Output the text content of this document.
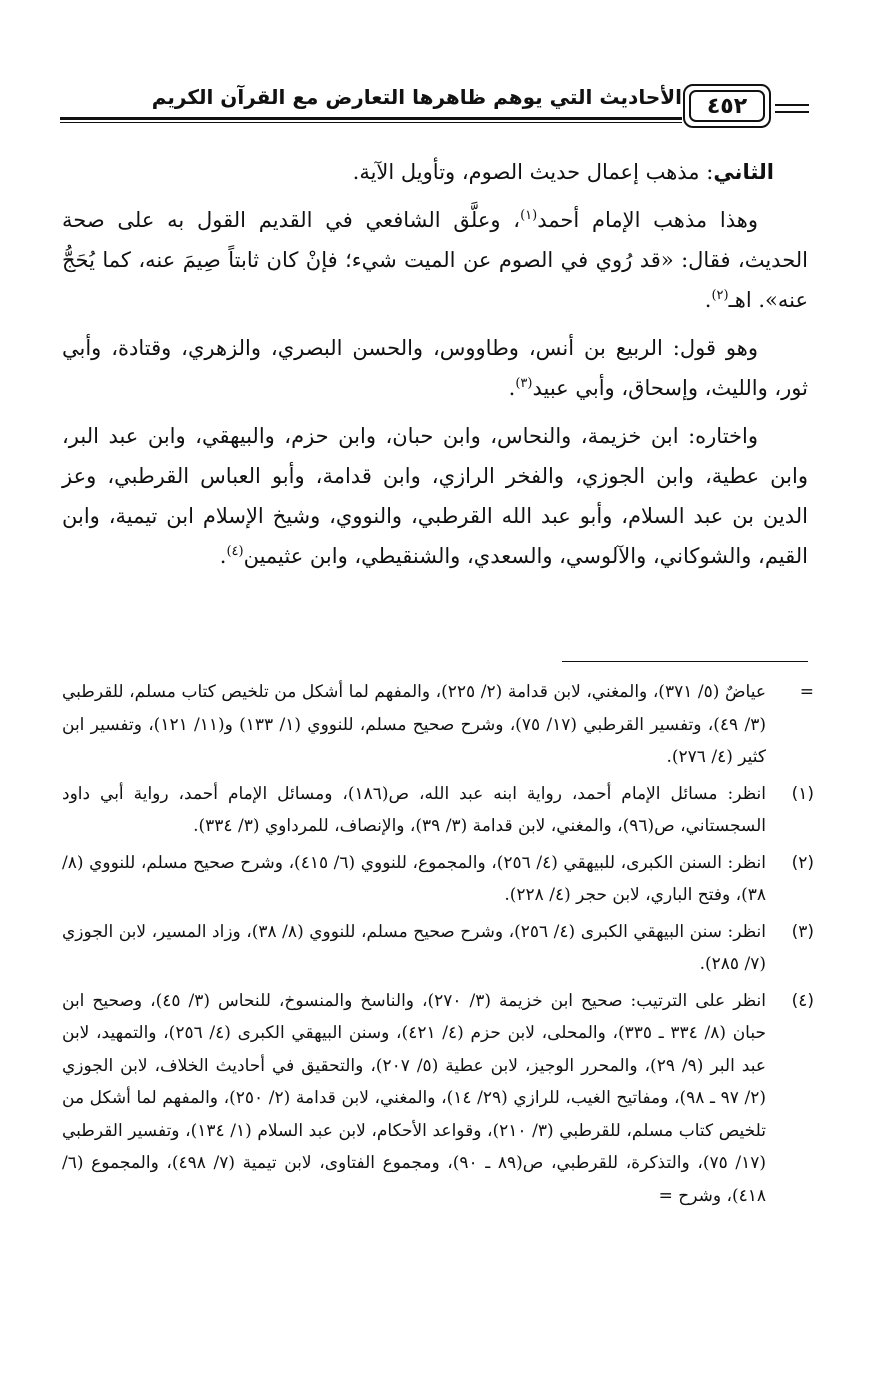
الأحاديث التي يوهم ظاهرها التعارض مع القرآن الكريم	٤٥٢

الثاني: مذهب إعمال حديث الصوم، وتأويل الآية.

وهذا مذهب الإمام أحمد$^{(١)}$، وعلَّق الشافعي في القديم القول به على صحة الحديث، فقال: «قد رُوي في الصوم عن الميت شيء؛ فإنْ كان ثابتاً صِيمَ عنه، كما يُحَجُّ عنه». اهـ$^{(٢)}$.

وهو قول: الربيع بن أنس، وطاووس، والحسن البصري، والزهري، وقتادة، وأبي ثور، والليث، وإسحاق، وأبي عبيد$^{(٣)}$.

واختاره: ابن خزيمة، والنحاس، وابن حبان، وابن حزم، والبيهقي، وابن عبد البر، وابن عطية، وابن الجوزي، والفخر الرازي، وابن قدامة، وأبو العباس القرطبي، وعز الدين بن عبد السلام، وأبو عبد الله القرطبي، والنووي، وشيخ الإسلام ابن تيمية، وابن القيم، والشوكاني، والآلوسي، والسعدي، والشنقيطي، وابن عثيمين$^{(٤)}$.

=
عياضٌ (٥/ ٣٧١)، والمغني، لابن قدامة (٢/ ٢٢٥)، والمفهم لما أشكل من تلخيص كتاب مسلم، للقرطبي (٣/ ٤٩)، وتفسير القرطبي (١٧/ ٧٥)، وشرح صحيح مسلم، للنووي (١/ ١٣٣) و(١١/ ١٢١)، وتفسير ابن كثير (٤/ ٢٧٦).
(١)
انظر: مسائل الإمام أحمد، رواية ابنه عبد الله، ص(١٨٦)، ومسائل الإمام أحمد، رواية أبي داود السجستاني، ص(٩٦)، والمغني، لابن قدامة (٣/ ٣٩)، والإنصاف، للمرداوي (٣/ ٣٣٤).
(٢)
انظر: السنن الكبرى، للبيهقي (٤/ ٢٥٦)، والمجموع، للنووي (٦/ ٤١٥)، وشرح صحيح مسلم، للنووي (٨/ ٣٨)، وفتح الباري، لابن حجر (٤/ ٢٢٨).
(٣)
انظر: سنن البيهقي الكبرى (٤/ ٢٥٦)، وشرح صحيح مسلم، للنووي (٨/ ٣٨)، وزاد المسير، لابن الجوزي (٧/ ٢٨٥).
(٤)
انظر على الترتيب: صحيح ابن خزيمة (٣/ ٢٧٠)، والناسخ والمنسوخ، للنحاس (٣/ ٤٥)، وصحيح ابن حبان (٨/ ٣٣٤ ـ ٣٣٥)، والمحلى، لابن حزم (٤/ ٤٢١)، وسنن البيهقي الكبرى (٤/ ٢٥٦)، والتمهيد، لابن عبد البر (٩/ ٢٩)، والمحرر الوجيز، لابن عطية (٥/ ٢٠٧)، والتحقيق في أحاديث الخلاف، لابن الجوزي (٢/ ٩٧ ـ ٩٨)، ومفاتيح الغيب، للرازي (٢٩/ ١٤)، والمغني، لابن قدامة (٢/ ٢٥٠)، والمفهم لما أشكل من تلخيص كتاب مسلم، للقرطبي (٣/ ٢١٠)، وقواعد الأحكام، لابن عبد السلام (١/ ١٣٤)، وتفسير القرطبي (١٧/ ٧٥)، والتذكرة، للقرطبي، ص(٨٩ ـ ٩٠)، ومجموع الفتاوى، لابن تيمية (٧/ ٤٩٨)، والمجموع (٦/ ٤١٨)، وشرح =
